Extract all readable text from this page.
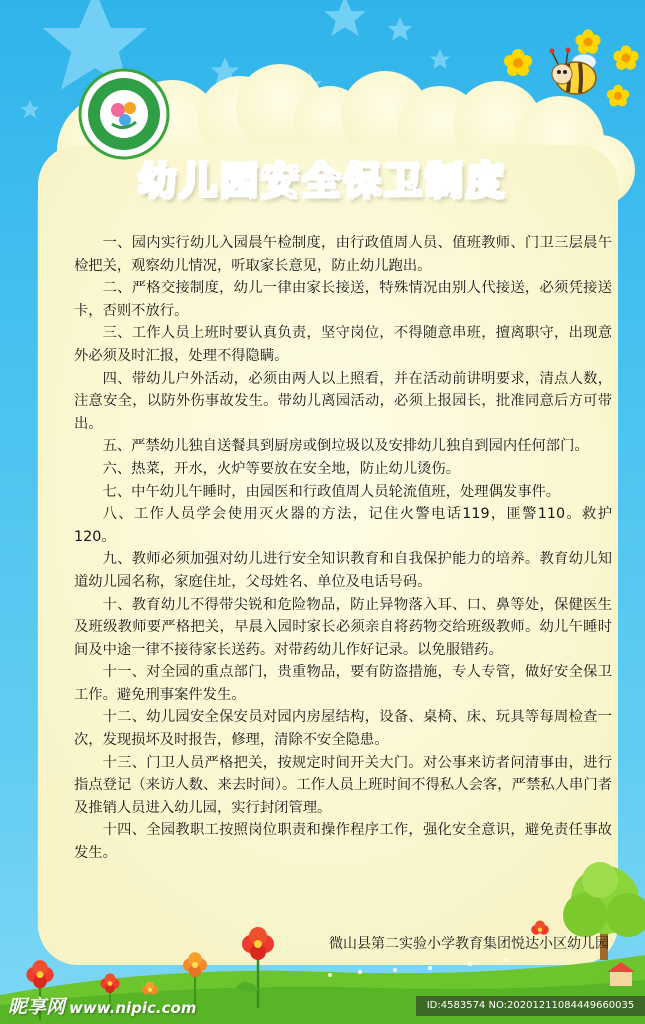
幼儿园安全保卫制度

一、园内实行幼儿入园晨午检制度，由行政值周人员、值班教师、门卫三层晨午检把关，观察幼儿情况，听取家长意见，防止幼儿跑出。

二、严格交接制度，幼儿一律由家长接送，特殊情况由别人代接送，必须凭接送卡，否则不放行。

三、工作人员上班时要认真负责，坚守岗位，不得随意串班，擅离职守，出现意外必须及时汇报，处理不得隐瞒。

四、带幼儿户外活动，必须由两人以上照看，并在活动前讲明要求，清点人数，注意安全，以防外伤事故发生。带幼儿离园活动，必须上报园长，批准同意后方可带出。

五、严禁幼儿独自送餐具到厨房或倒垃圾以及安排幼儿独自到园内任何部门。

六、热菜，开水，火炉等要放在安全地，防止幼儿烫伤。

七、中午幼儿午睡时，由园医和行政值周人员轮流值班，处理偶发事件。

八、工作人员学会使用灭火器的方法，记住火警电话119，匪警110。救护120。

九、教师必须加强对幼儿进行安全知识教育和自我保护能力的培养。教育幼儿知道幼儿园名称，家庭住址，父母姓名、单位及电话号码。

十、教育幼儿不得带尖锐和危险物品，防止异物落入耳、口、鼻等处，保健医生及班级教师要严格把关，早晨入园时家长必须亲自将药物交给班级教师。幼儿午睡时间及中途一律不接待家长送药。对带药幼儿作好记录。以免服错药。

十一、对全园的重点部门，贵重物品，要有防盗措施，专人专管，做好安全保卫工作。避免刑事案件发生。

十二、幼儿园安全保安员对园内房屋结构，设备、桌椅、床、玩具等每周检查一次，发现损坏及时报告，修理，清除不安全隐患。

十三、门卫人员严格把关，按规定时间开关大门。对公事来访者问清事由，进行指点登记（来访人数、来去时间）。工作人员上班时间不得私人会客，严禁私人串门者及推销人员进入幼儿园，实行封闭管理。

十四、全园教职工按照岗位职责和操作程序工作，强化安全意识，避免责任事故发生。

微山县第二实验小学教育集团悦达小区幼儿园
昵享网 www.nipic.com	ID:4583574 NO:20201211084449660035
